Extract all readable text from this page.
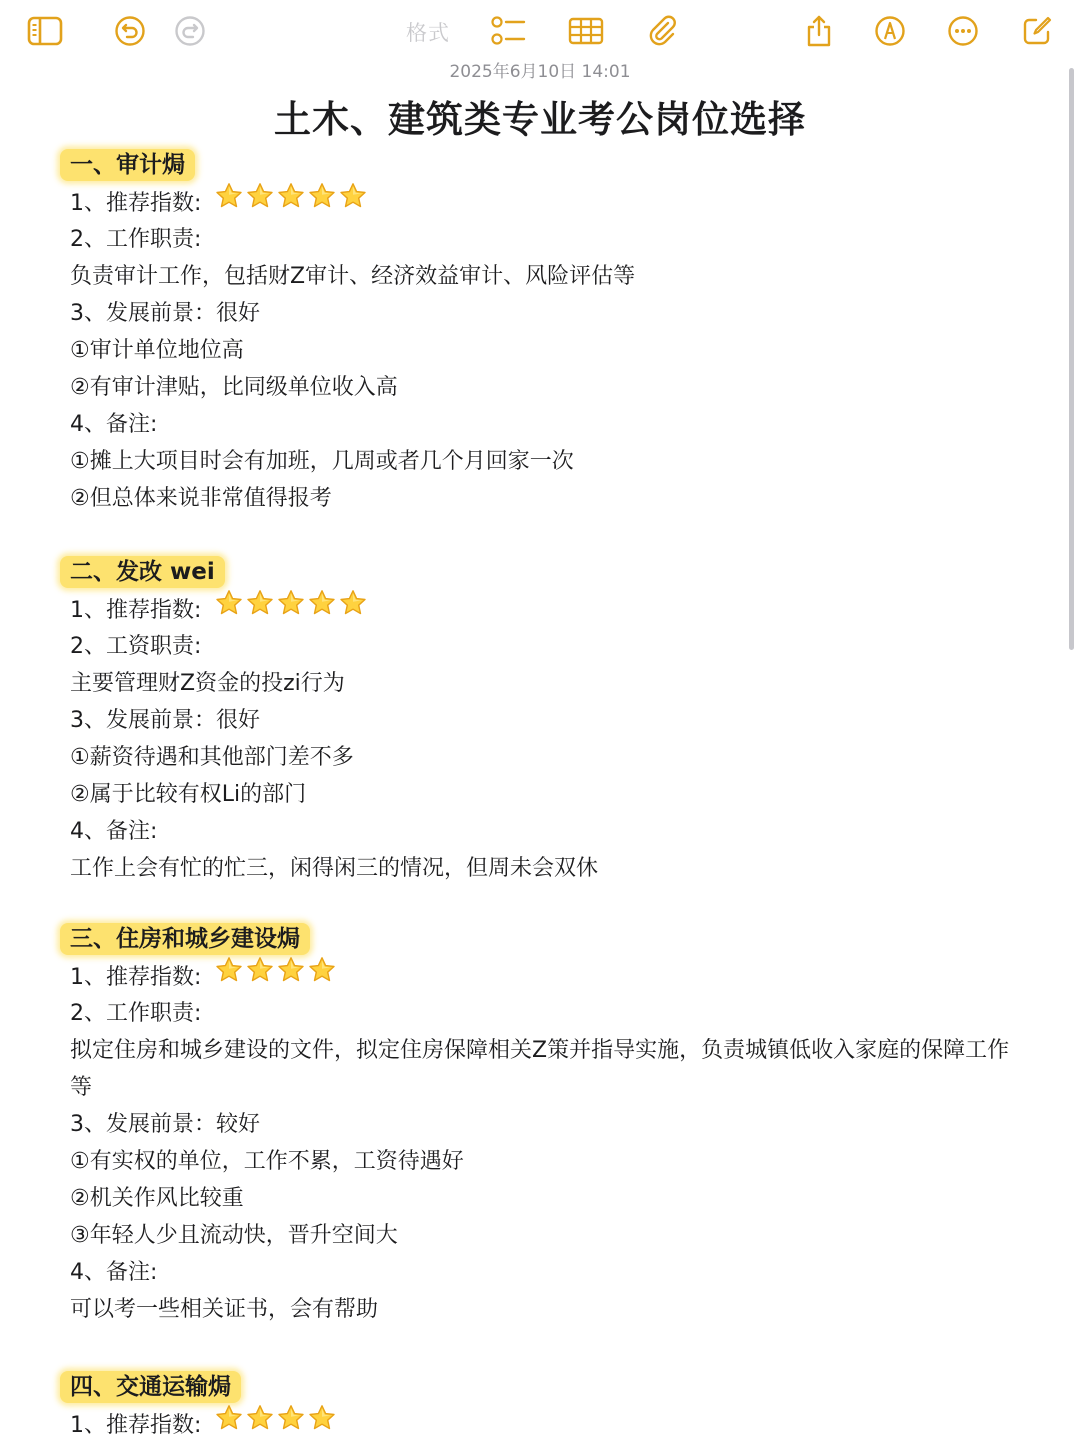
格式
2025年6月10日 14:01
土木、建筑类专业考公岗位选择
一、审计焗
1、推荐指数:
2、工作职责:
负责审计工作，包括财Z审计、经济效益审计、风险评估等
3、发展前景：很好
①审计单位地位高
②有审计津贴，比同级单位收入高
4、备注:
①摊上大项目时会有加班，几周或者几个月回家一次
②但总体来说非常值得报考
二、发改 wei
1、推荐指数:
2、工资职责:
主要管理财Z资金的投zi行为
3、发展前景：很好
①薪资待遇和其他部门差不多
②属于比较有权Li的部门
4、备注:
工作上会有忙的忙三，闲得闲三的情况，但周未会双休
三、住房和城乡建设焗
1、推荐指数:
2、工作职责:
拟定住房和城乡建设的文件，拟定住房保障相关Z策并指导实施，负责城镇低收入家庭的保障工作等
3、发展前景：较好
①有实权的单位，工作不累，工资待遇好
②机关作风比较重
③年轻人少且流动快，晋升空间大
4、备注:
可以考一些相关证书，会有帮助
四、交通运输焗
1、推荐指数:
